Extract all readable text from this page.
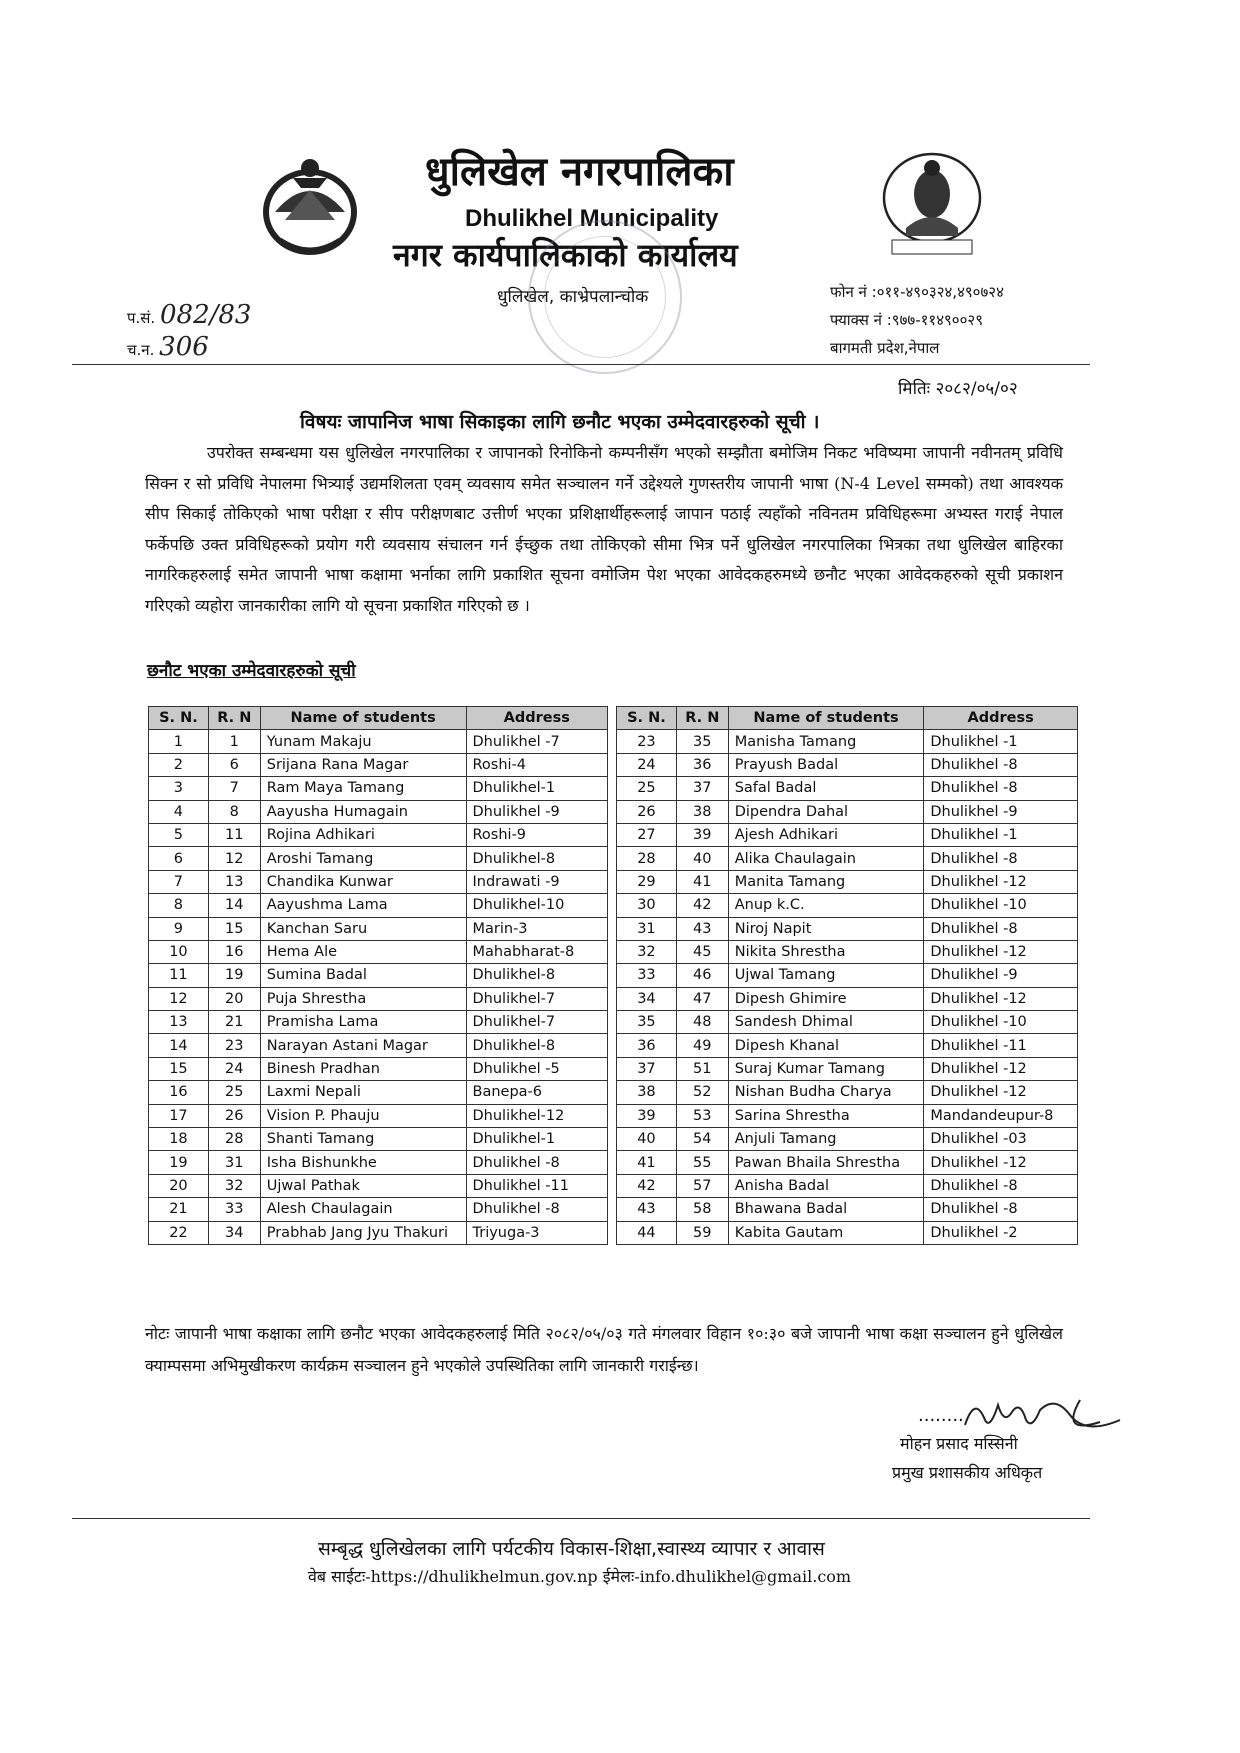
धुलिखेल नगरपालिका
Dhulikhel Municipality
नगर कार्यपालिकाको कार्यालय
धुलिखेल, काभ्रेपलान्चोक
प.सं. 082/83
च.न. 306
फोन नं :०११-४९०३२४,४९०७२४
फ्याक्स नं :९७७-११४९००२९
बागमती प्रदेश,नेपाल
मितिः २०८२/०५/०२
विषयः जापानिज भाषा सिकाइका लागि छनौट भएका उम्मेदवारहरुको सूची ।
उपरोक्त सम्बन्धमा यस धुलिखेल नगरपालिका र जापानको रिनोकिनो कम्पनीसँग भएको सम्झौता बमोजिम निकट भविष्यमा जापानी नवीनतम् प्रविधि सिक्न र सो प्रविधि नेपालमा भित्र्याई उद्यमशिलता एवम् व्यवसाय समेत सञ्चालन गर्ने उद्देश्यले गुणस्तरीय जापानी भाषा (N-4 Level सम्मको) तथा आवश्यक सीप सिकाई तोकिएको भाषा परीक्षा र सीप परीक्षणबाट उत्तीर्ण भएका प्रशिक्षार्थीहरूलाई जापान पठाई त्यहाँको नविनतम प्रविधिहरूमा अभ्यस्त गराई नेपाल फर्केपछि उक्त प्रविधिहरूको प्रयोग गरी व्यवसाय संचालन गर्न ईच्छुक तथा तोकिएको सीमा भित्र पर्ने धुलिखेल नगरपालिका भित्रका तथा धुलिखेल बाहिरका नागरिकहरुलाई समेत जापानी भाषा कक्षामा भर्नाका लागि प्रकाशित सूचना वमोजिम पेश भएका आवेदकहरुमध्ये छनौट भएका आवेदकहरुको सूची प्रकाशन गरिएको व्यहोरा जानकारीका लागि यो सूचना प्रकाशित गरिएको छ ।
छनौट भएका उम्मेदवारहरुको सूची
S. N.	R. N	Name of students	Address
1	1	Yunam Makaju	Dhulikhel -7
2	6	Srijana Rana Magar	Roshi-4
3	7	Ram Maya Tamang	Dhulikhel-1
4	8	Aayusha Humagain	Dhulikhel -9
5	11	Rojina Adhikari	Roshi-9
6	12	Aroshi Tamang	Dhulikhel-8
7	13	Chandika Kunwar	Indrawati -9
8	14	Aayushma Lama	Dhulikhel-10
9	15	Kanchan Saru	Marin-3
10	16	Hema Ale	Mahabharat-8
11	19	Sumina Badal	Dhulikhel-8
12	20	Puja Shrestha	Dhulikhel-7
13	21	Pramisha Lama	Dhulikhel-7
14	23	Narayan Astani Magar	Dhulikhel-8
15	24	Binesh Pradhan	Dhulikhel -5
16	25	Laxmi Nepali	Banepa-6
17	26	Vision P. Phauju	Dhulikhel-12
18	28	Shanti Tamang	Dhulikhel-1
19	31	Isha Bishunkhe	Dhulikhel -8
20	32	Ujwal Pathak	Dhulikhel -11
21	33	Alesh Chaulagain	Dhulikhel -8
22	34	Prabhab Jang Jyu Thakuri	Triyuga-3
S. N.	R. N	Name of students	Address
23	35	Manisha Tamang	Dhulikhel -1
24	36	Prayush Badal	Dhulikhel -8
25	37	Safal Badal	Dhulikhel -8
26	38	Dipendra Dahal	Dhulikhel -9
27	39	Ajesh Adhikari	Dhulikhel -1
28	40	Alika Chaulagain	Dhulikhel -8
29	41	Manita Tamang	Dhulikhel -12
30	42	Anup k.C.	Dhulikhel -10
31	43	Niroj Napit	Dhulikhel -8
32	45	Nikita Shrestha	Dhulikhel -12
33	46	Ujwal Tamang	Dhulikhel -9
34	47	Dipesh Ghimire	Dhulikhel -12
35	48	Sandesh Dhimal	Dhulikhel -10
36	49	Dipesh Khanal	Dhulikhel -11
37	51	Suraj Kumar Tamang	Dhulikhel -12
38	52	Nishan Budha Charya	Dhulikhel -12
39	53	Sarina Shrestha	Mandandeupur-8
40	54	Anjuli Tamang	Dhulikhel -03
41	55	Pawan Bhaila Shrestha	Dhulikhel -12
42	57	Anisha Badal	Dhulikhel -8
43	58	Bhawana Badal	Dhulikhel -8
44	59	Kabita Gautam	Dhulikhel -2
नोटः जापानी भाषा कक्षाका लागि छनौट भएका आवेदकहरुलाई मिति २०८२/०५/०३ गते मंगलवार विहान १०:३० बजे जापानी भाषा कक्षा सञ्चालन हुने धुलिखेल क्याम्पसमा अभिमुखीकरण कार्यक्रम सञ्चालन हुने भएकोले उपस्थितिका लागि जानकारी गराईन्छ।
........
मोहन प्रसाद मस्सिनी
प्रमुख प्रशासकीय अधिकृत
सम्बृद्ध धुलिखेलका लागि पर्यटकीय विकास-शिक्षा,स्वास्थ्य व्यापार र आवास
वेब साईटः-https://dhulikhelmun.gov.np ईमेलः-info.dhulikhel@gmail.com
